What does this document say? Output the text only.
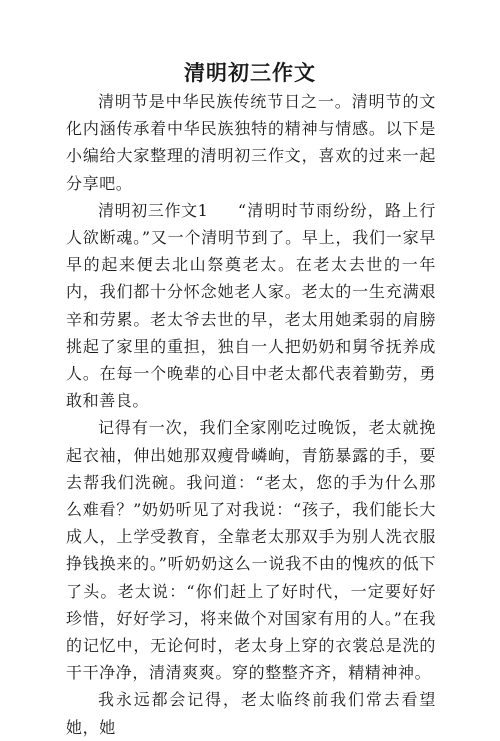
清明初三作文

清明节是中华民族传统节日之一。清明节的文化内涵传承着中华民族独特的精神与情感。以下是小编给大家整理的清明初三作文，喜欢的过来一起分享吧。

清明初三作文1 “清明时节雨纷纷，路上行人欲断魂。”又一个清明节到了。早上，我们一家早早的起来便去北山祭奠老太。在老太去世的一年内，我们都十分怀念她老人家。老太的一生充满艰辛和劳累。老太爷去世的早，老太用她柔弱的肩膀挑起了家里的重担，独自一人把奶奶和舅爷抚养成人。在每一个晚辈的心目中老太都代表着勤劳，勇敢和善良。

记得有一次，我们全家刚吃过晚饭，老太就挽起衣袖，伸出她那双瘦骨嶙峋，青筋暴露的手，要去帮我们洗碗。我问道：“老太，您的手为什么那么难看？”奶奶听见了对我说：“孩子，我们能长大成人，上学受教育，全靠老太那双手为别人洗衣服挣钱换来的。”听奶奶这么一说我不由的愧疚的低下了头。老太说：“你们赶上了好时代，一定要好好珍惜，好好学习，将来做个对国家有用的人。”在我的记忆中，无论何时，老太身上穿的衣裳总是洗的干干净净，清清爽爽。穿的整整齐齐，精精神神。

我永远都会记得，老太临终前我们常去看望她，她
